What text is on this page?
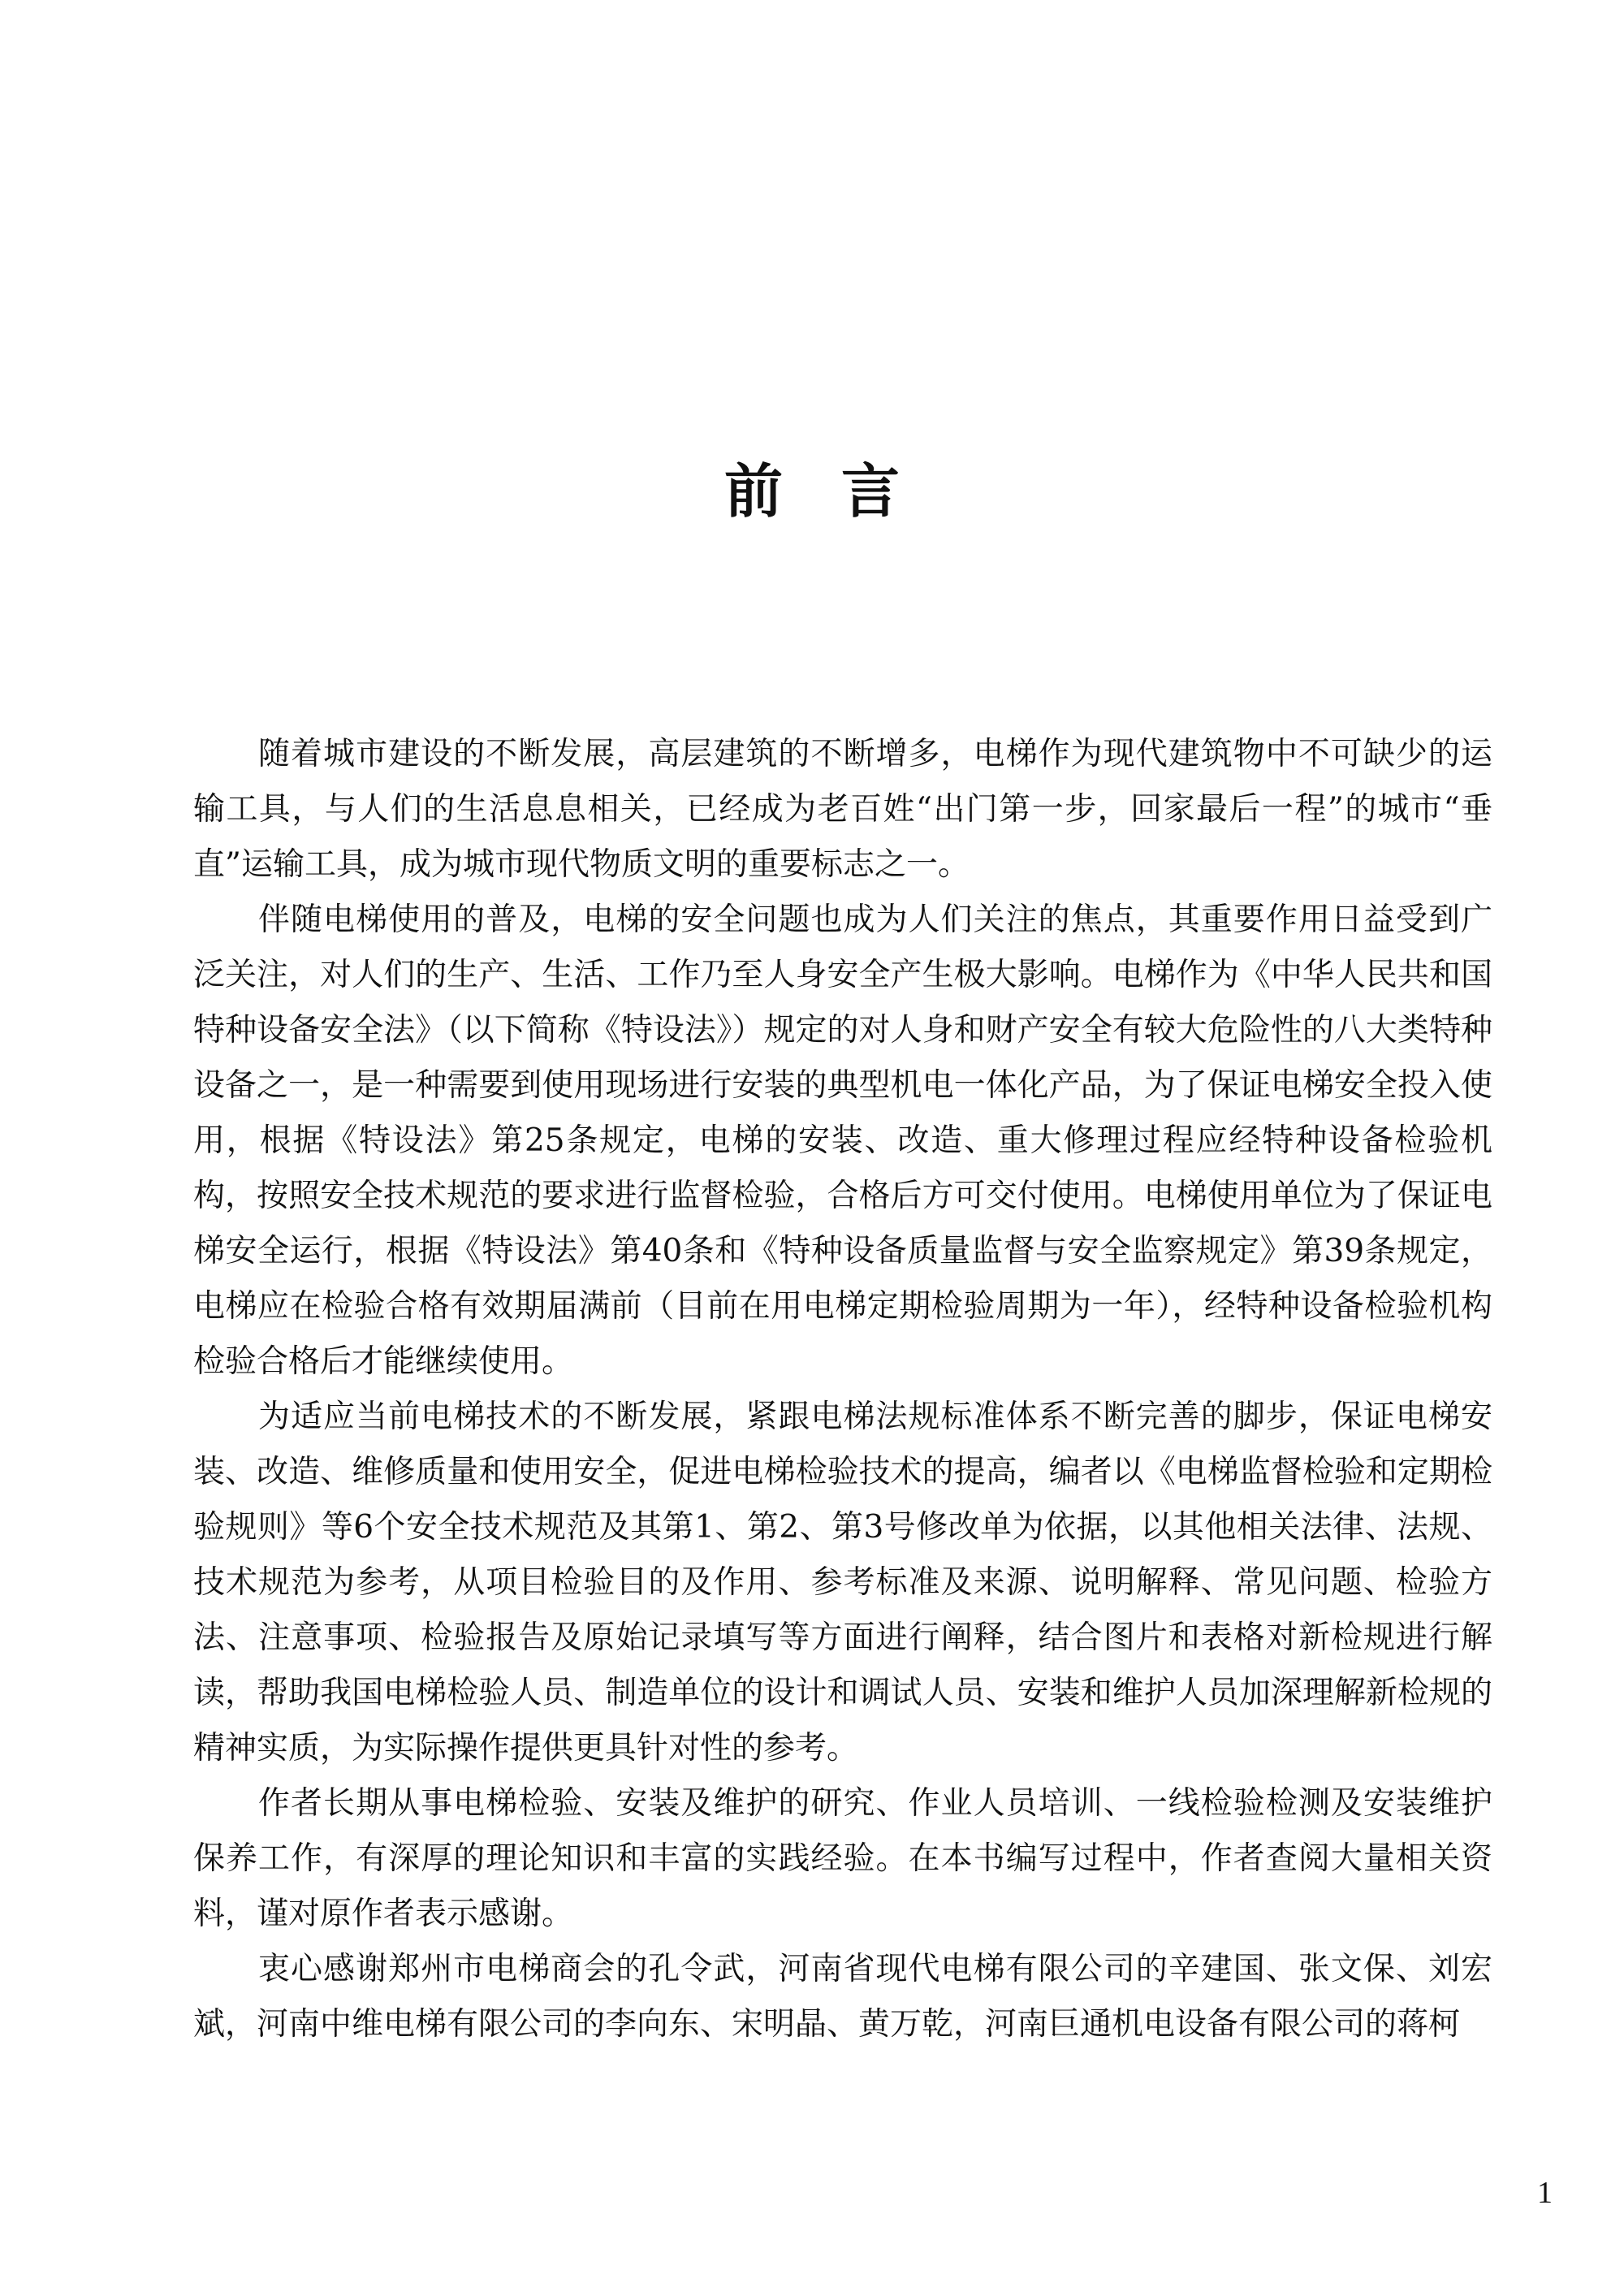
前言

随着城市建设的不断发展，高层建筑的不断增多，电梯作为现代建筑物中不可缺少的运输工具，与人们的生活息息相关，已经成为老百姓“出门第一步，回家最后一程”的城市“垂直”运输工具，成为城市现代物质文明的重要标志之一。

伴随电梯使用的普及，电梯的安全问题也成为人们关注的焦点，其重要作用日益受到广泛关注，对人们的生产、生活、工作乃至人身安全产生极大影响。电梯作为《中华人民共和国特种设备安全法》（以下简称《特设法》）规定的对人身和财产安全有较大危险性的八大类特种设备之一，是一种需要到使用现场进行安装的典型机电一体化产品，为了保证电梯安全投入使用，根据《特设法》第25条规定，电梯的安装、改造、重大修理过程应经特种设备检验机构，按照安全技术规范的要求进行监督检验，合格后方可交付使用。电梯使用单位为了保证电梯安全运行，根据《特设法》第40条和《特种设备质量监督与安全监察规定》第39条规定，电梯应在检验合格有效期届满前（目前在用电梯定期检验周期为一年），经特种设备检验机构检验合格后才能继续使用。

为适应当前电梯技术的不断发展，紧跟电梯法规标准体系不断完善的脚步，保证电梯安装、改造、维修质量和使用安全，促进电梯检验技术的提高，编者以《电梯监督检验和定期检验规则》等6个安全技术规范及其第1、第2、第3号修改单为依据，以其他相关法律、法规、技术规范为参考，从项目检验目的及作用、参考标准及来源、说明解释、常见问题、检验方法、注意事项、检验报告及原始记录填写等方面进行阐释，结合图片和表格对新检规进行解读，帮助我国电梯检验人员、制造单位的设计和调试人员、安装和维护人员加深理解新检规的精神实质，为实际操作提供更具针对性的参考。

作者长期从事电梯检验、安装及维护的研究、作业人员培训、一线检验检测及安装维护保养工作，有深厚的理论知识和丰富的实践经验。在本书编写过程中，作者查阅大量相关资料，谨对原作者表示感谢。

衷心感谢郑州市电梯商会的孔令武，河南省现代电梯有限公司的辛建国、张文保、刘宏斌，河南中维电梯有限公司的李向东、宋明晶、黄万乾，河南巨通机电设备有限公司的蒋柯

1
